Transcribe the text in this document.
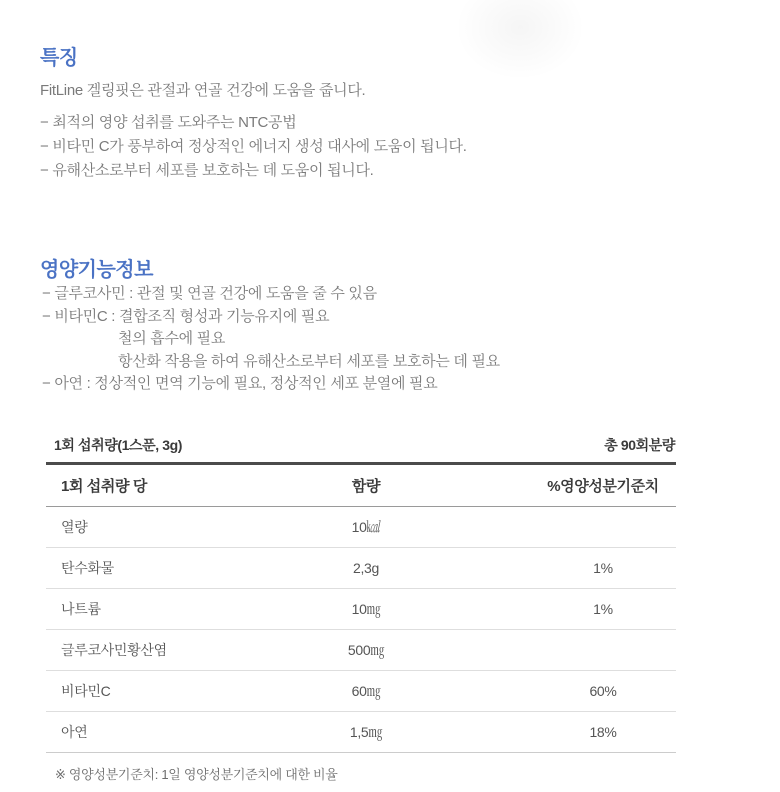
특징

FitLine 겔링핏은 관절과 연골 건강에 도움을 줍니다.

− 최적의 영양 섭취를 도와주는 NTC공법
− 비타민 C가 풍부하여 정상적인 에너지 생성 대사에 도움이 됩니다.
− 유해산소로부터 세포를 보호하는 데 도움이 됩니다.
영양기능정보
− 글루코사민 : 관절 및 연골 건강에 도움을 줄 수 있음
− 비타민C : 결합조직 형성과 기능유지에 필요
철의 흡수에 필요
항산화 작용을 하여 유해산소로부터 세포를 보호하는 데 필요
− 아연 : 정상적인 면역 기능에 필요, 정상적인 세포 분열에 필요
1회 섭취량(1스푼, 3g)	총 90회분량
1회 섭취량 당	함량	%영양성분기준치
열량	10㎉	
탄수화물	2,3g	1%
나트륨	10㎎	1%
글루코사민황산염	500㎎	
비타민C	60㎎	60%
아연	1,5㎎	18%
※ 영양성분기준치: 1일 영양성분기준치에 대한 비율
